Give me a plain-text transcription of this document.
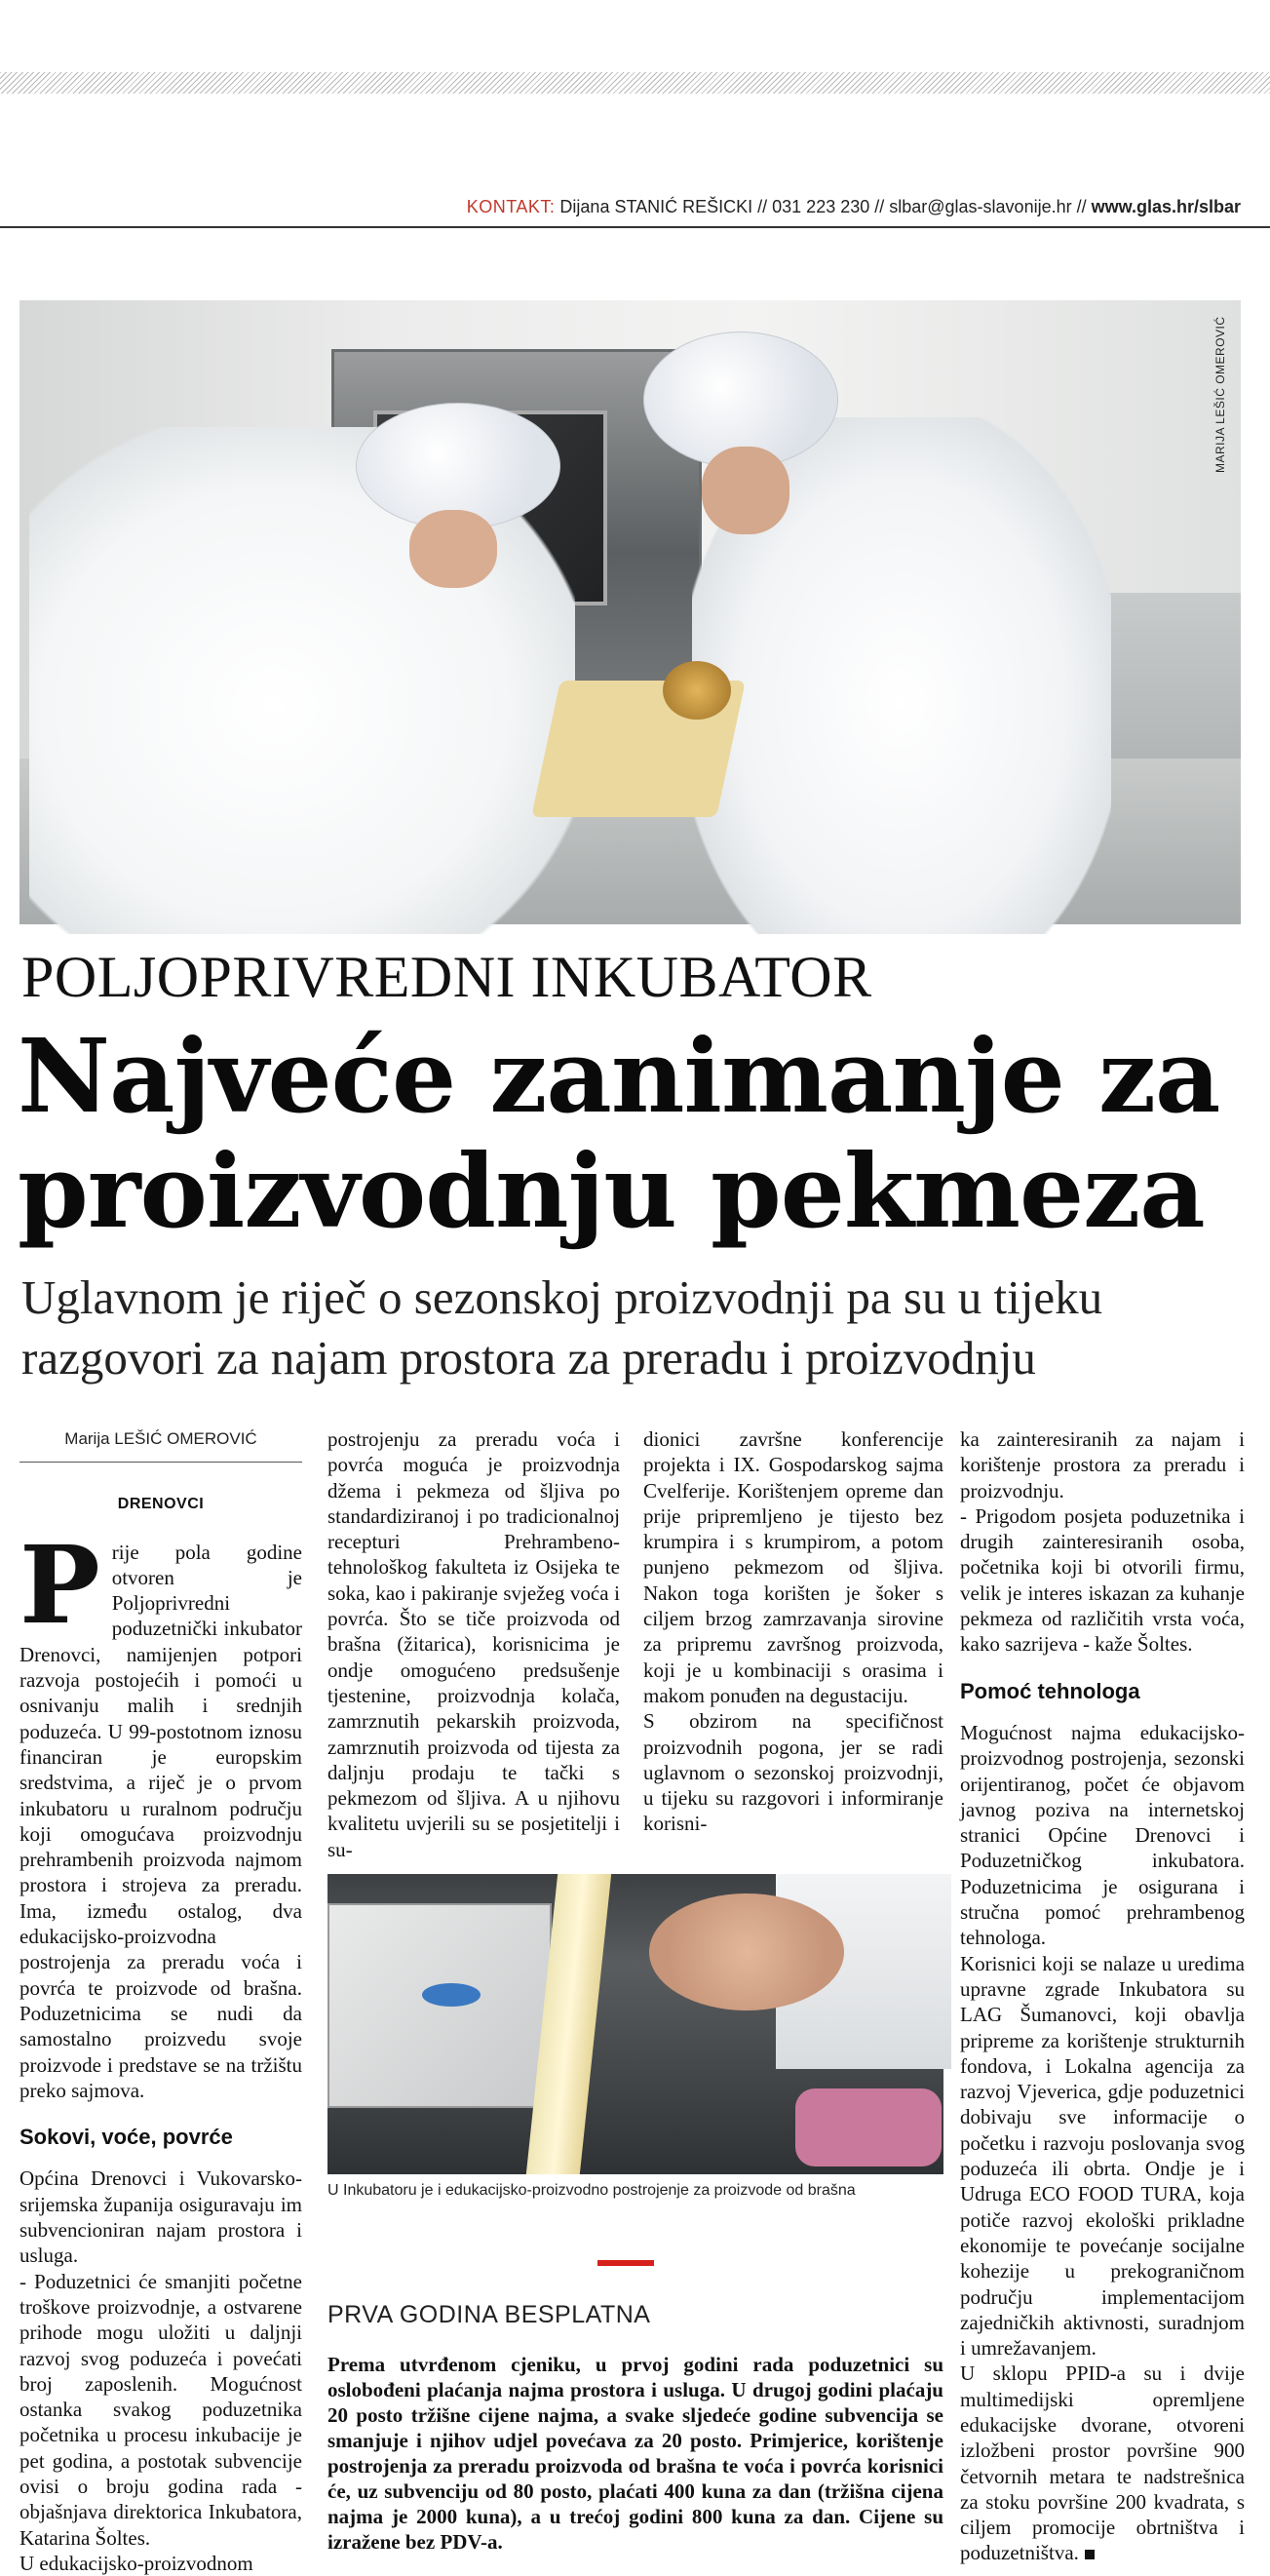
KONTAKT: Dijana STANIĆ REŠICKI // 031 223 230 // slbar@glas-slavonije.hr // www.glas.hr/slbar
MARIJA LEŠIĆ OMEROVIĆ
POLJOPRIVREDNI INKUBATOR
Najveće zanimanje za proizvodnju pekmeza
Uglavnom je riječ o sezonskoj proizvodnji pa su u tijeku razgovori za najam prostora za preradu i proizvodnju
Marija LEŠIĆ OMEROVIĆ
DRENOVCI
P rije pola godine otvoren je Poljoprivredni poduzetnički inkubator Drenovci, namijenjen potpori razvoja postojećih i pomoći u osnivanju malih i srednjih poduzeća. U 99-postotnom iznosu financiran je europskim sredstvima, a riječ je o prvom inkubatoru u ruralnom području koji omogućava proizvodnju prehrambenih proizvoda najmom prostora i strojeva za preradu. Ima, između ostalog, dva edukacijsko-proizvodna postrojenja za preradu voća i povrća te proizvode od brašna. Poduzetnicima se nudi da samostalno proizvedu svoje proizvode i predstave se na tržištu preko sajmova.
Sokovi, voće, povrće
Općina Drenovci i Vukovarsko-srijemska županija osiguravaju im subvencioniran najam prostora i usluga.
- Poduzetnici će smanjiti početne troškove proizvodnje, a ostvarene prihode mogu uložiti u daljnji razvoj svog poduzeća i povećati broj zaposlenih. Mogućnost ostanka svakog poduzetnika početnika u procesu inkubacije je pet godina, a postotak subvencije ovisi o broju godina rada - objašnjava direktorica Inkubatora, Katarina Šoltes.
U edukacijsko-proizvodnom
postrojenju za preradu voća i povrća moguća je proizvodnja džema i pekmeza od šljiva po standardiziranoj i po tradicionalnoj recepturi Prehrambeno-tehnološkog fakulteta iz Osijeka te soka, kao i pakiranje svježeg voća i povrća. Što se tiče proizvoda od brašna (žitarica), korisnicima je ondje omogućeno predsušenje tjestenine, proizvodnja kolača, zamrznutih pekarskih proizvoda, zamrznutih proizvoda od tijesta za daljnju prodaju te tački s pekmezom od šljiva. A u njihovu kvalitetu uvjerili su se posjetitelji i su-
dionici završne konferencije projekta i IX. Gospodarskog sajma Cvelferije. Korištenjem opreme dan prije pripremljeno je tijesto bez krumpira i s krumpirom, a potom punjeno pekmezom od šljiva. Nakon toga korišten je šoker s ciljem brzog zamrzavanja sirovine za pripremu završnog proizvoda, koji je u kombinaciji s orasima i makom ponuđen na degustaciju.
S obzirom na specifičnost proizvodnih pogona, jer se radi uglavnom o sezonskoj proizvodnji, u tijeku su razgovori i informiranje korisni-
ka zainteresiranih za najam i korištenje prostora za preradu i proizvodnju.
- Prigodom posjeta poduzetnika i drugih zainteresiranih osoba, početnika koji bi otvorili firmu, velik je interes iskazan za kuhanje pekmeza od različitih vrsta voća, kako sazrijeva - kaže Šoltes.
Pomoć tehnologa
Mogućnost najma edukacijsko-proizvodnog postrojenja, sezonski orijentiranog, počet će objavom javnog poziva na internetskoj stranici Općine Drenovci i Poduzetničkog inkubatora. Poduzetnicima je osigurana i stručna pomoć prehrambenog tehnologa.
Korisnici koji se nalaze u uredima upravne zgrade Inkubatora su LAG Šumanovci, koji obavlja pripreme za korištenje strukturnih fondova, i Lokalna agencija za razvoj Vjeverica, gdje poduzetnici dobivaju sve informacije o početku i razvoju poslovanja svog poduzeća ili obrta. Ondje je i Udruga ECO FOOD TURA, koja potiče razvoj ekološki prikladne ekonomije te povećanje socijalne kohezije u prekograničnom području implementacijom zajedničkih aktivnosti, suradnjom i umrežavanjem.
U sklopu PPID-a su i dvije multimedijski opremljene edukacijske dvorane, otvoreni izložbeni prostor površine 900 četvornih metara te nadstrešnica za stoku površine 200 kvadrata, s ciljem promocije obrtništva i poduzetništva.
U Inkubatoru je i edukacijsko-proizvodno postrojenje za proizvode od brašna
PRVA GODINA BESPLATNA
Prema utvrđenom cjeniku, u prvoj godini rada poduzetnici su oslobođeni plaćanja najma prostora i usluga. U drugoj godini plaćaju 20 posto tržišne cijene najma, a svake sljedeće godine subvencija se smanjuje i njihov udjel povećava za 20 posto. Primjerice, korištenje postrojenja za preradu proizvoda od brašna te voća i povrća korisnici će, uz subvenciju od 80 posto, plaćati 400 kuna za dan (tržišna cijena najma je 2000 kuna), a u trećoj godini 800 kuna za dan. Cijene su izražene bez PDV-a.
